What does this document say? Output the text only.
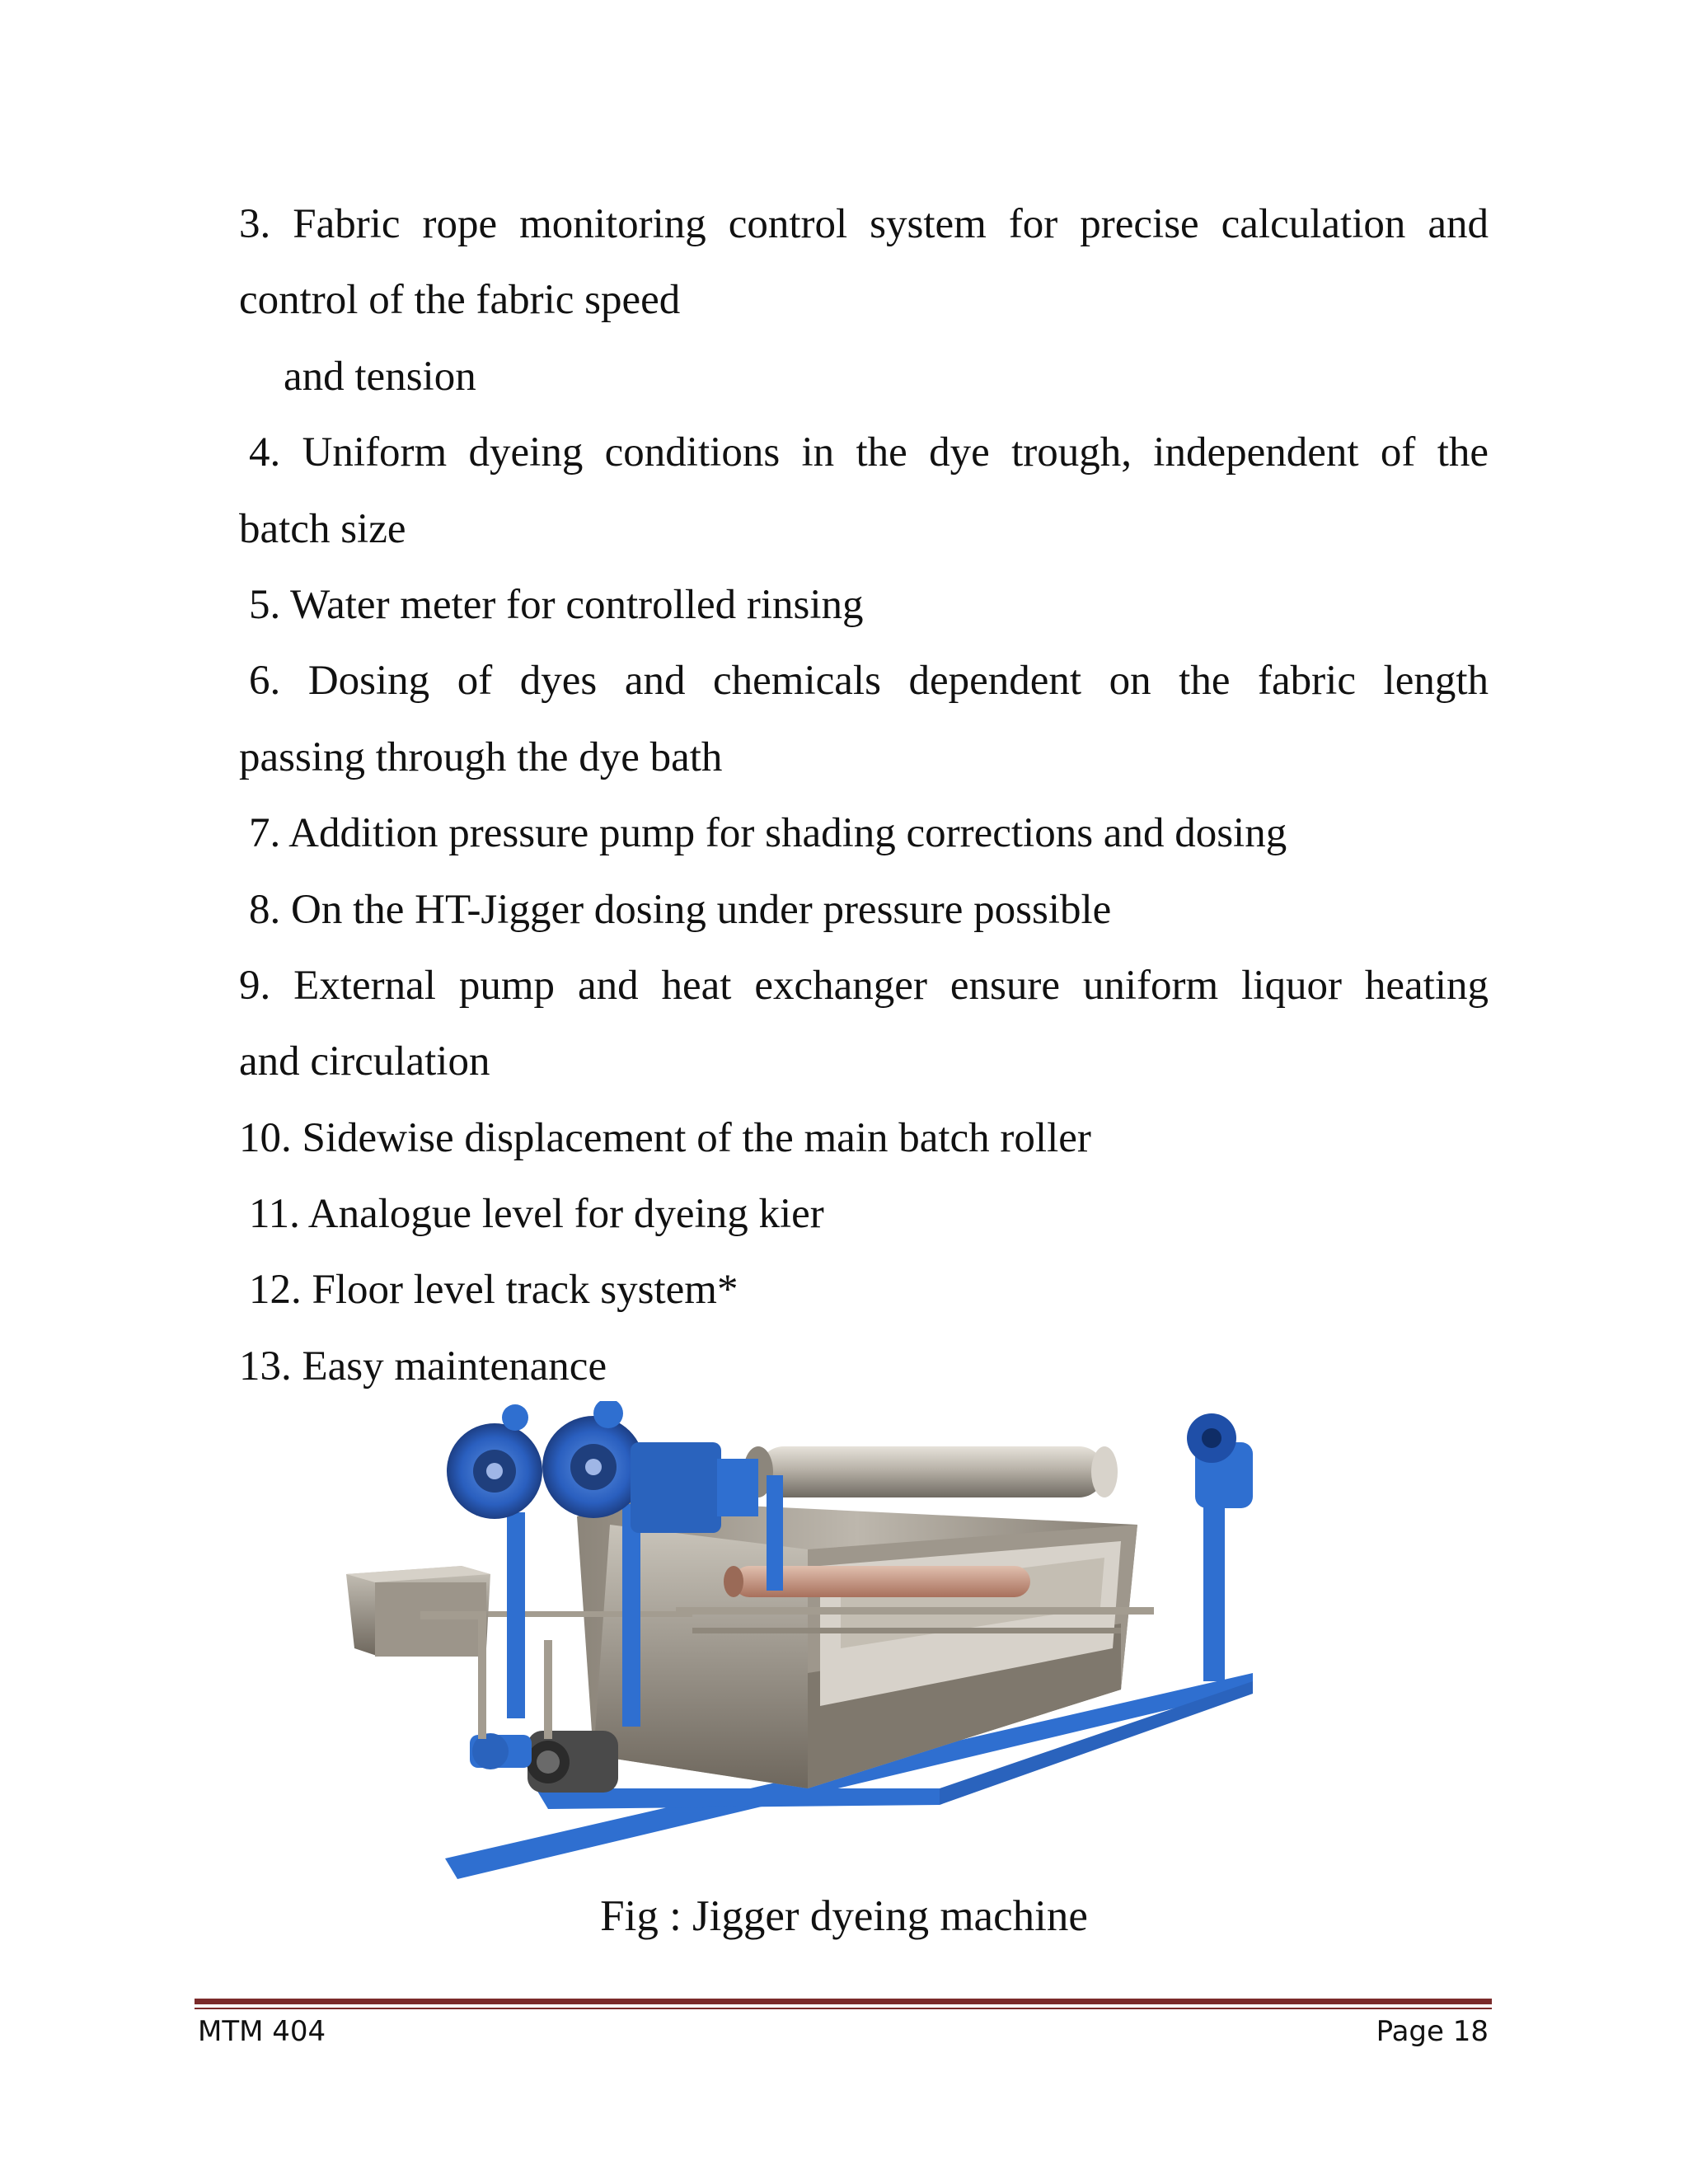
3. Fabric rope monitoring control system for precise calculation and
control of the fabric speed
and tension
4. Uniform dyeing conditions in the dye trough, independent of the
batch size
5. Water meter for controlled rinsing
6. Dosing of dyes and chemicals dependent on the fabric length
passing through the dye bath
7. Addition pressure pump for shading corrections and dosing
8. On the HT-Jigger dosing under pressure possible
9. External pump and heat exchanger ensure uniform liquor heating
and circulation
10. Sidewise displacement of the main batch roller
11. Analogue level for dyeing kier
12. Floor level track system*
13. Easy maintenance
Fig : Jigger dyeing machine
MTM 404	Page 18
